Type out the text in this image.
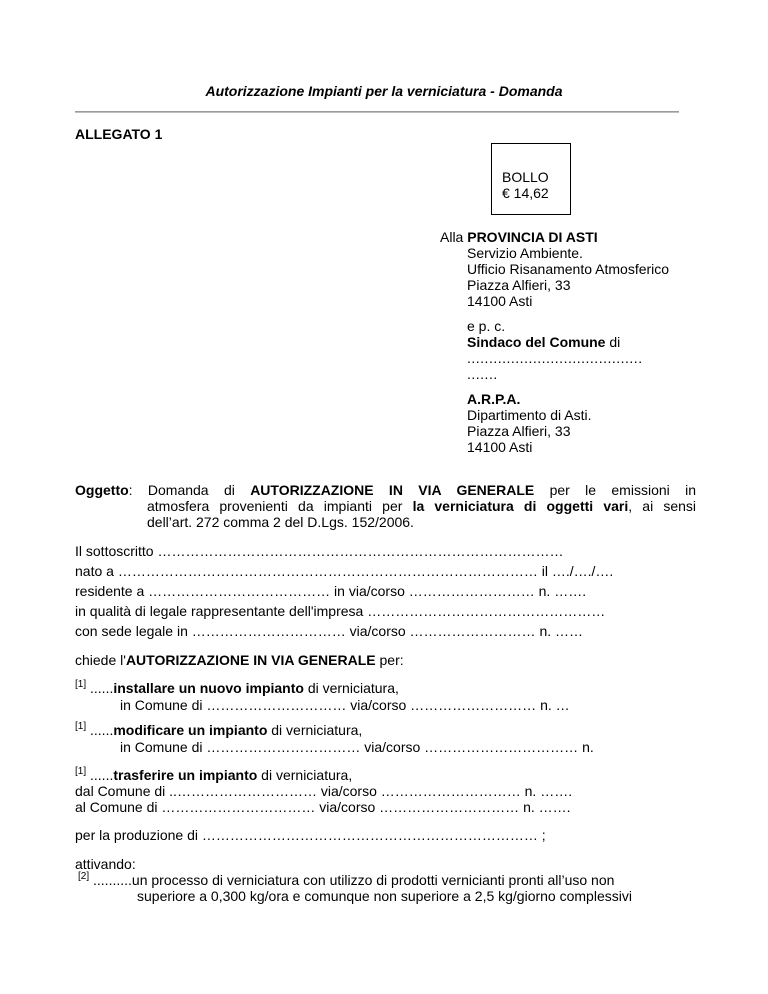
Autorizzazione Impianti per la verniciatura - Domanda
ALLEGATO 1
BOLLO
€ 14,62
Alla PROVINCIA DI ASTI
Servizio Ambiente.
Ufficio Risanamento Atmosferico
Piazza Alfieri, 33
14100 Asti
e p. c.
Sindaco del Comune di
........................................
.......
A.R.P.A.
Dipartimento di Asti.
Piazza Alfieri, 33
14100 Asti
Oggetto: Domanda di AUTORIZZAZIONE IN VIA GENERALE per le emissioni in
atmosfera provenienti da impianti per la verniciatura di oggetti vari, ai sensi
dell’art. 272 comma 2 del D.Lgs. 152/2006.
Il sottoscritto ……………………………………………………………………………
nato a ……………………………………………………………………………… il …./…./….
residente a ………………………………… in via/corso ……………………… n. …….
in qualità di legale rappresentante dell'impresa ……………………………………………
con sede legale in …………………………… via/corso ……………………… n. ……
chiede l'AUTORIZZAZIONE IN VIA GENERALE per:
[1] ......installare un nuovo impianto di verniciatura,
in Comune di ………………………… via/corso ……………………… n. …
[1] ......modificare un impianto di verniciatura,
in Comune di …………………………… via/corso …………………………… n.
[1] ......trasferire un impianto di verniciatura,
dal Comune di ..………………………… via/corso ………………………… n. …….
al Comune di …………………………… via/corso ………………………… n. …….
per la produzione di ……………………………………………………………… ;
attivando:
[2] ..........un processo di verniciatura con utilizzo di prodotti vernicianti pronti all’uso non
superiore a 0,300 kg/ora e comunque non superiore a 2,5 kg/giorno complessivi
